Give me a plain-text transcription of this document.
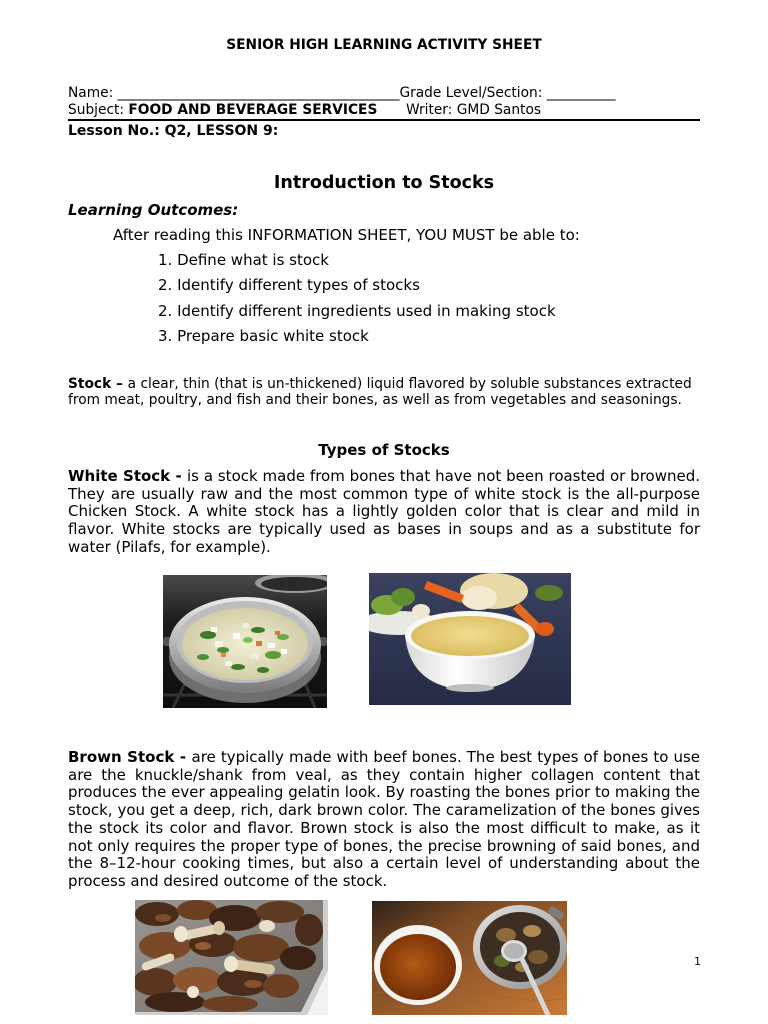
SENIOR HIGH LEARNING ACTIVITY SHEET
Name: _________________________________________Grade Level/Section: __________
Subject: FOOD AND BEVERAGE SERVICES Writer: GMD Santos
Lesson No.: Q2, LESSON 9:
Introduction to Stocks
Learning Outcomes:
After reading this INFORMATION SHEET, YOU MUST be able to:
1. Define what is stock
2. Identify different types of stocks
2. Identify different ingredients used in making stock
3. Prepare basic white stock
Stock – a clear, thin (that is un-thickened) liquid flavored by soluble substances extracted from meat, poultry, and fish and their bones, as well as from vegetables and seasonings.
Types of Stocks
White Stock - is a stock made from bones that have not been roasted or browned. They are usually raw and the most common type of white stock is the all-purpose Chicken Stock. A white stock has a lightly golden color that is clear and mild in flavor. White stocks are typically used as bases in soups and as a substitute for water (Pilafs, for example).
Brown Stock - are typically made with beef bones. The best types of bones to use are the knuckle/shank from veal, as they contain higher collagen content that produces the ever appealing gelatin look. By roasting the bones prior to making the stock, you get a deep, rich, dark brown color. The caramelization of the bones gives the stock its color and flavor. Brown stock is also the most difficult to make, as it not only requires the proper type of bones, the precise browning of said bones, and the 8–12-hour cooking times, but also a certain level of understanding about the process and desired outcome of the stock.
1
